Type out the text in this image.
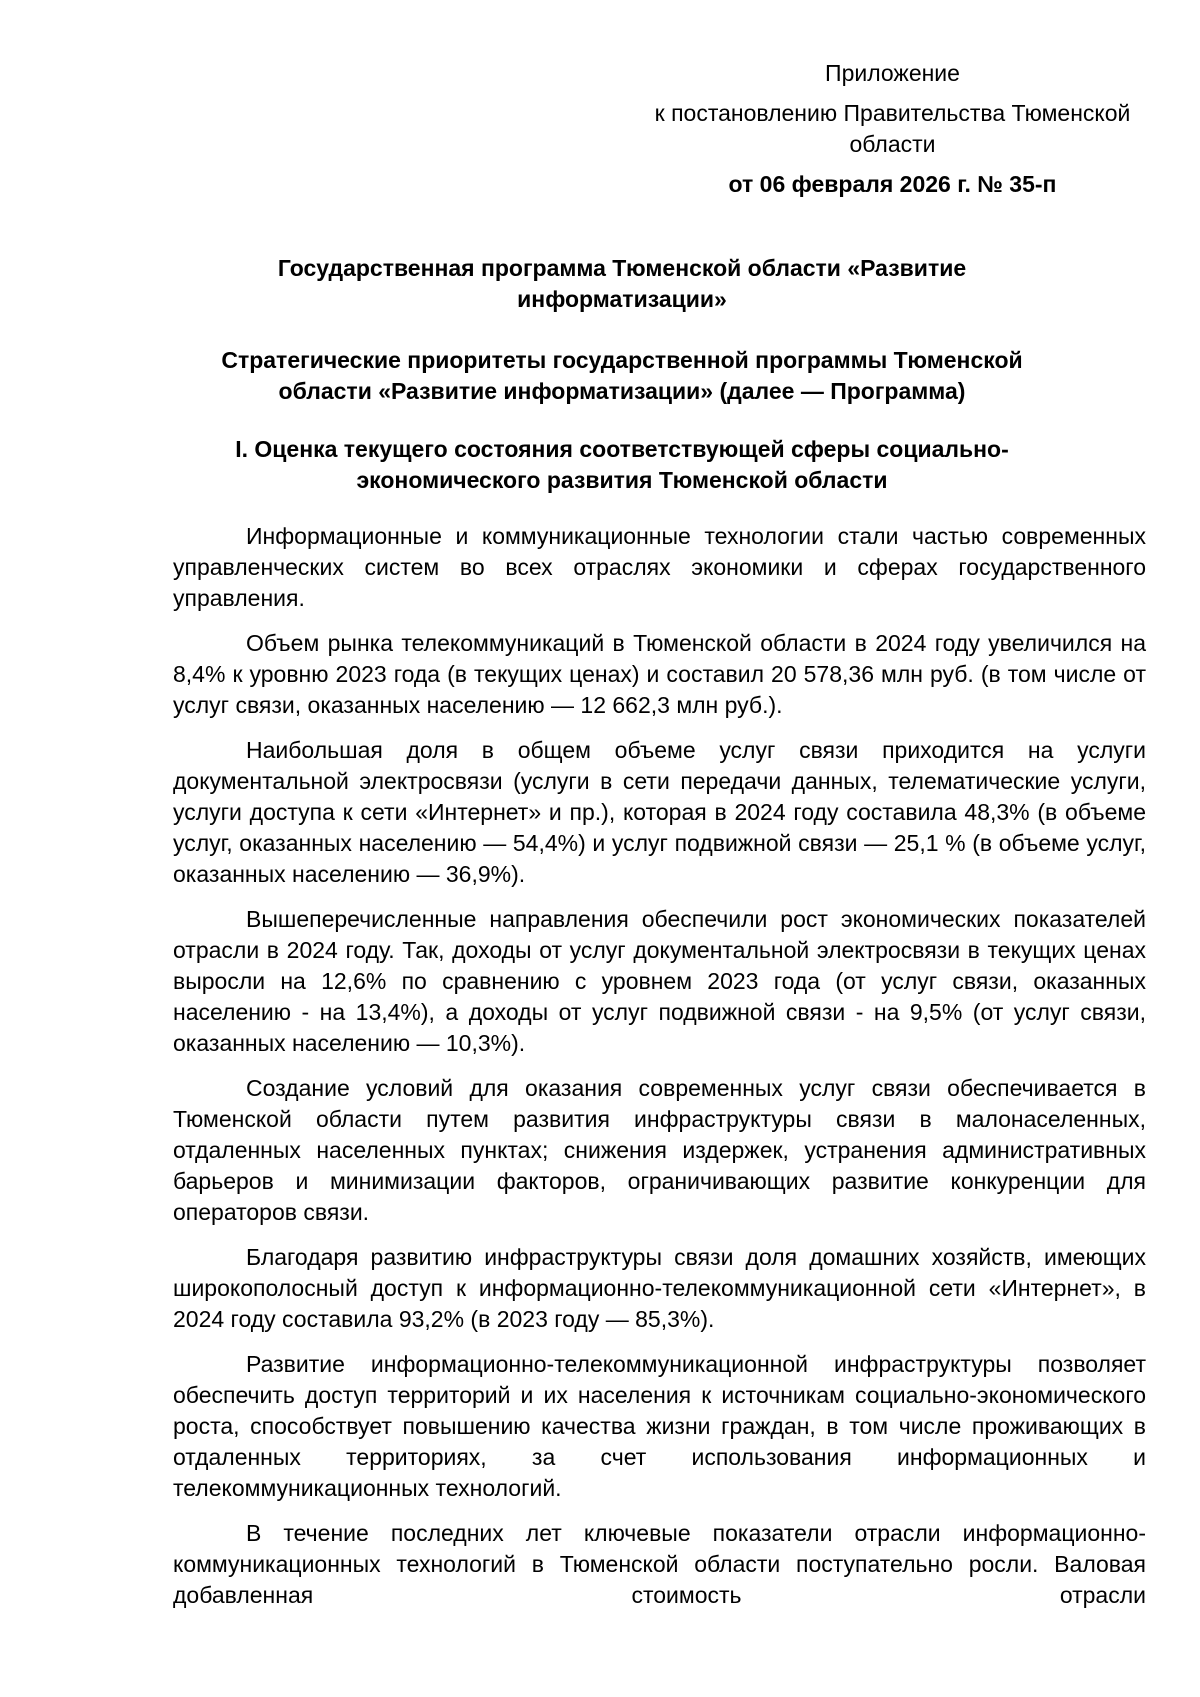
Приложение
к постановлению Правительства Тюменской области
от 06 февраля 2026 г. № 35-п
Государственная программа Тюменской области «Развитие информатизации»
Стратегические приоритеты государственной программы Тюменской области «Развитие информатизации» (далее — Программа)
I. Оценка текущего состояния соответствующей сферы социально-экономического развития Тюменской области

Информационные и коммуникационные технологии стали частью современных управленческих систем во всех отраслях экономики и сферах государственного управления.

Объем рынка телекоммуникаций в Тюменской области в 2024 году увеличился на 8,4% к уровню 2023 года (в текущих ценах) и составил 20 578,36 млн руб. (в том числе от услуг связи, оказанных населению — 12 662,3 млн руб.).

Наибольшая доля в общем объеме услуг связи приходится на услуги документальной электросвязи (услуги в сети передачи данных, телематические услуги, услуги доступа к сети «Интернет» и пр.), которая в 2024 году составила 48,3% (в объеме услуг, оказанных населению — 54,4%) и услуг подвижной связи — 25,1 % (в объеме услуг, оказанных населению — 36,9%).

Вышеперечисленные направления обеспечили рост экономических показателей отрасли в 2024 году. Так, доходы от услуг документальной электросвязи в текущих ценах выросли на 12,6% по сравнению с уровнем 2023 года (от услуг связи, оказанных населению - на 13,4%), а доходы от услуг подвижной связи - на 9,5% (от услуг связи, оказанных населению — 10,3%).

Создание условий для оказания современных услуг связи обеспечивается в Тюменской области путем развития инфраструктуры связи в малонаселенных, отдаленных населенных пунктах; снижения издержек, устранения административных барьеров и минимизации факторов, ограничивающих развитие конкуренции для операторов связи.

Благодаря развитию инфраструктуры связи доля домашних хозяйств, имеющих широкополосный доступ к информационно-телекоммуникационной сети «Интернет», в 2024 году составила 93,2% (в 2023 году — 85,3%).

Развитие информационно-телекоммуникационной инфраструктуры позволяет обеспечить доступ территорий и их населения к источникам социально-экономического роста, способствует повышению качества жизни граждан, в том числе проживающих в отдаленных территориях, за счет использования информационных и телекоммуникационных технологий.

В течение последних лет ключевые показатели отрасли информационно-коммуникационных технологий в Тюменской области поступательно росли. Валовая добавленная стоимость отрасли
